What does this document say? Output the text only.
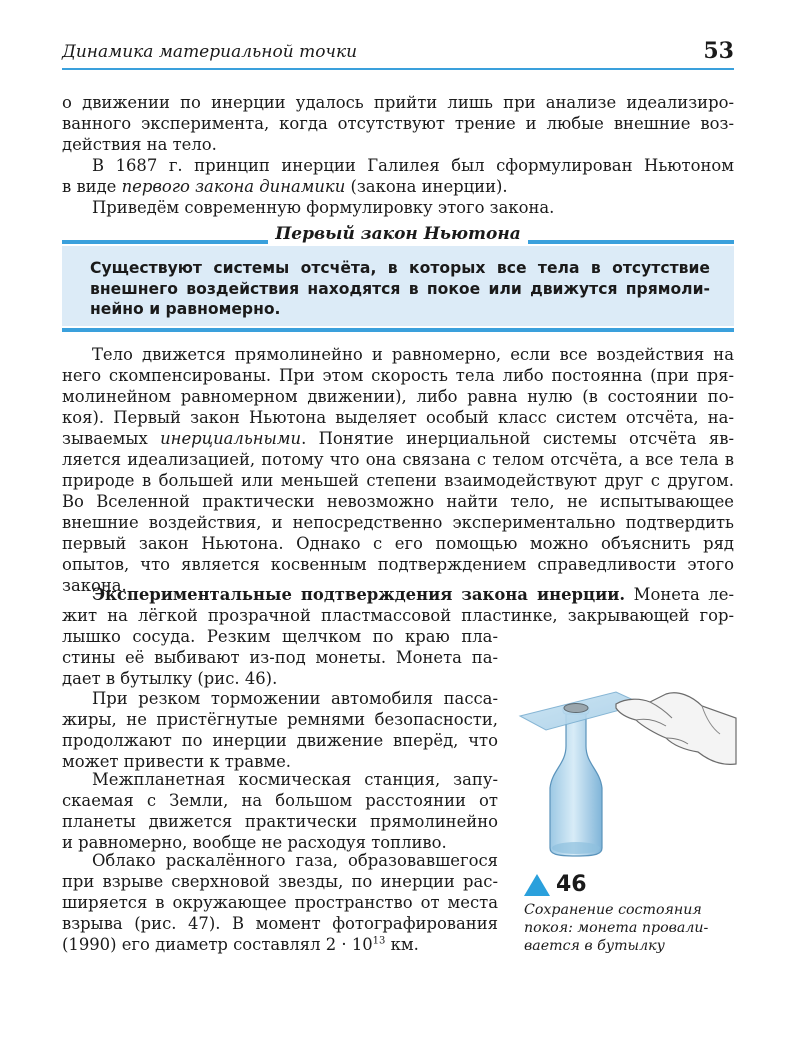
Динамика материальной точки	53
о движении по инерции удалось прийти лишь при анализе идеализиро-
ванного эксперимента, когда отсутствуют трение и любые внешние воз-
действия на тело.
В 1687 г. принцип инерции Галилея был сформулирован Ньютоном
в виде первого закона динамики (закона инерции).
Приведём современную формулировку этого закона.
Первый закон Ньютона
Существуют системы отсчёта, в которых все тела в отсутствие
внешнего воздействия находятся в покое или движутся прямоли-
нейно и равномерно.
Тело движется прямолинейно и равномерно, если все воздействия на
него скомпенсированы. При этом скорость тела либо постоянна (при пря-
молинейном равномерном движении), либо равна нулю (в состоянии по-
коя). Первый закон Ньютона выделяет особый класс систем отсчёта, на-
зываемых инерциальными. Понятие инерциальной системы отсчёта яв-
ляется идеализацией, потому что она связана с телом отсчёта, а все тела в
природе в большей или меньшей степени взаимодействуют друг с другом.
Во Вселенной практически невозможно найти тело, не испытывающее
внешние воздействия, и непосредственно экспериментально подтвердить
первый закон Ньютона. Однако с его помощью можно объяснить ряд
опытов, что является косвенным подтверждением справедливости этого
закона.
Экспериментальные подтверждения закона инерции. Монета ле-
жит на лёгкой прозрачной пластмассовой пластинке, закрывающей гор-
лышко сосуда. Резким щелчком по краю пла-
стины её выбивают из-под монеты. Монета па-
дает в бутылку (рис. 46).
При резком торможении автомобиля пасса-
жиры, не пристёгнутые ремнями безопасности,
продолжают по инерции движение вперёд, что
может привести к травме.
Межпланетная космическая станция, запу-
скаемая с Земли, на большом расстоянии от
планеты движется практически прямолинейно
и равномерно, вообще не расходуя топливо.
Облако раскалённого газа, образовавшегося
при взрыве сверхновой звезды, по инерции рас-
ширяется в окружающее пространство от места
взрыва (рис. 47). В момент фотографирования
(1990) его диаметр составлял $2 \cdot 10^{13}$ км.
46
Сохранение состояния
покоя: монета провали-
вается в бутылку
